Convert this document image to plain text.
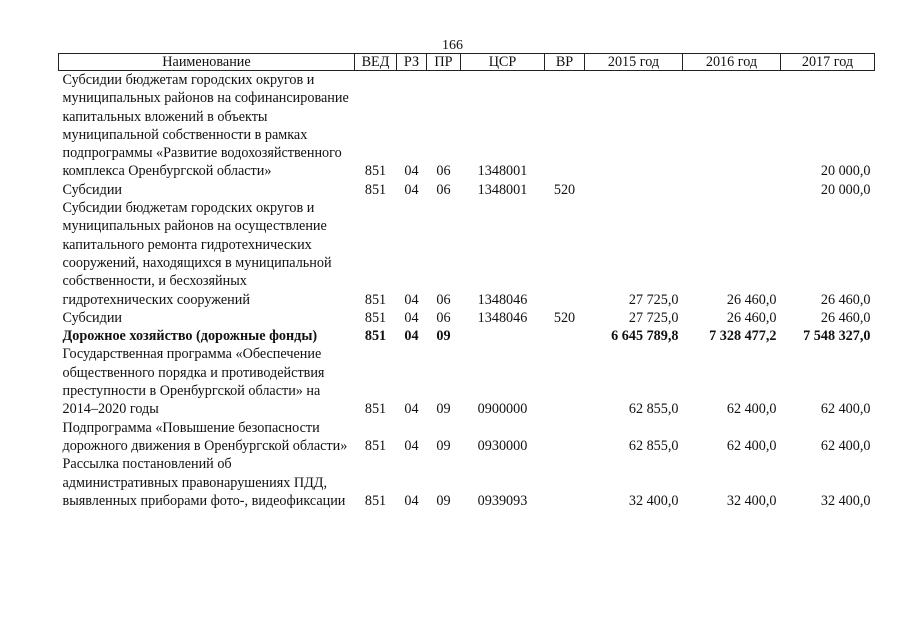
166
Наименование	ВЕД	РЗ	ПР	ЦСР	ВР	2015 год	2016 год	2017 год
Субсидии бюджетам городских округов и муниципальных районов на софинансирование капитальных вложений в объекты муниципальной собственности в рамках подпрограммы «Развитие водохозяйственного комплекса Оренбургской области»	851	04	06	1348001				20 000,0
Субсидии	851	04	06	1348001	520			20 000,0
Субсидии бюджетам городских округов и муниципальных районов на осуществление капитального ремонта гидротехнических сооружений, находящихся в муниципальной собственности, и бесхозяйных гидротехнических сооружений	851	04	06	1348046		27 725,0	26 460,0	26 460,0
Субсидии	851	04	06	1348046	520	27 725,0	26 460,0	26 460,0
Дорожное хозяйство (дорожные фонды)	851	04	09			6 645 789,8	7 328 477,2	7 548 327,0
Государственная программа «Обеспечение общественного порядка и противодействия преступности в Оренбургской области» на 2014–2020 годы	851	04	09	0900000		62 855,0	62 400,0	62 400,0
Подпрограмма «Повышение безопасности дорожного движения в Оренбургской области»	851	04	09	0930000		62 855,0	62 400,0	62 400,0
Рассылка постановлений об административных правонарушениях ПДД, выявленных приборами фото-, видеофиксации	851	04	09	0939093		32 400,0	32 400,0	32 400,0
